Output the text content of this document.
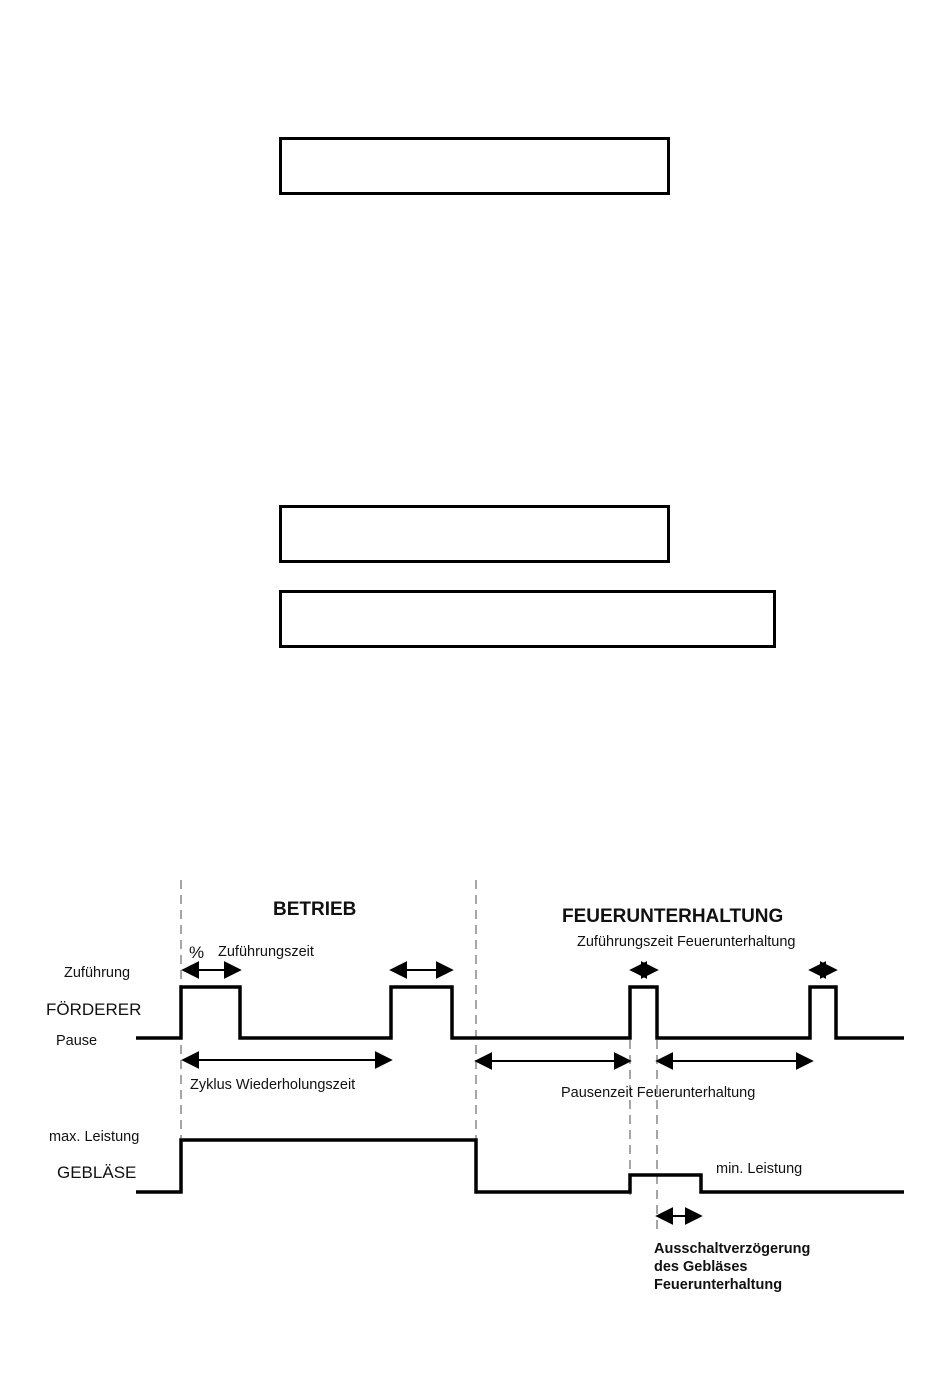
BETRIEB	FEUERUNTERHALTUNG
% Zuführungszeit
Zuführungszeit Feuerunterhaltung
Zuführung
FÖRDERER
Pause
Zyklus Wiederholungszeit	Pausenzeit Feuerunterhaltung
max. Leistung
GEBLÄSE	min. Leistung
Ausschaltverzögerung
des Gebläses
Feuerunterhaltung
